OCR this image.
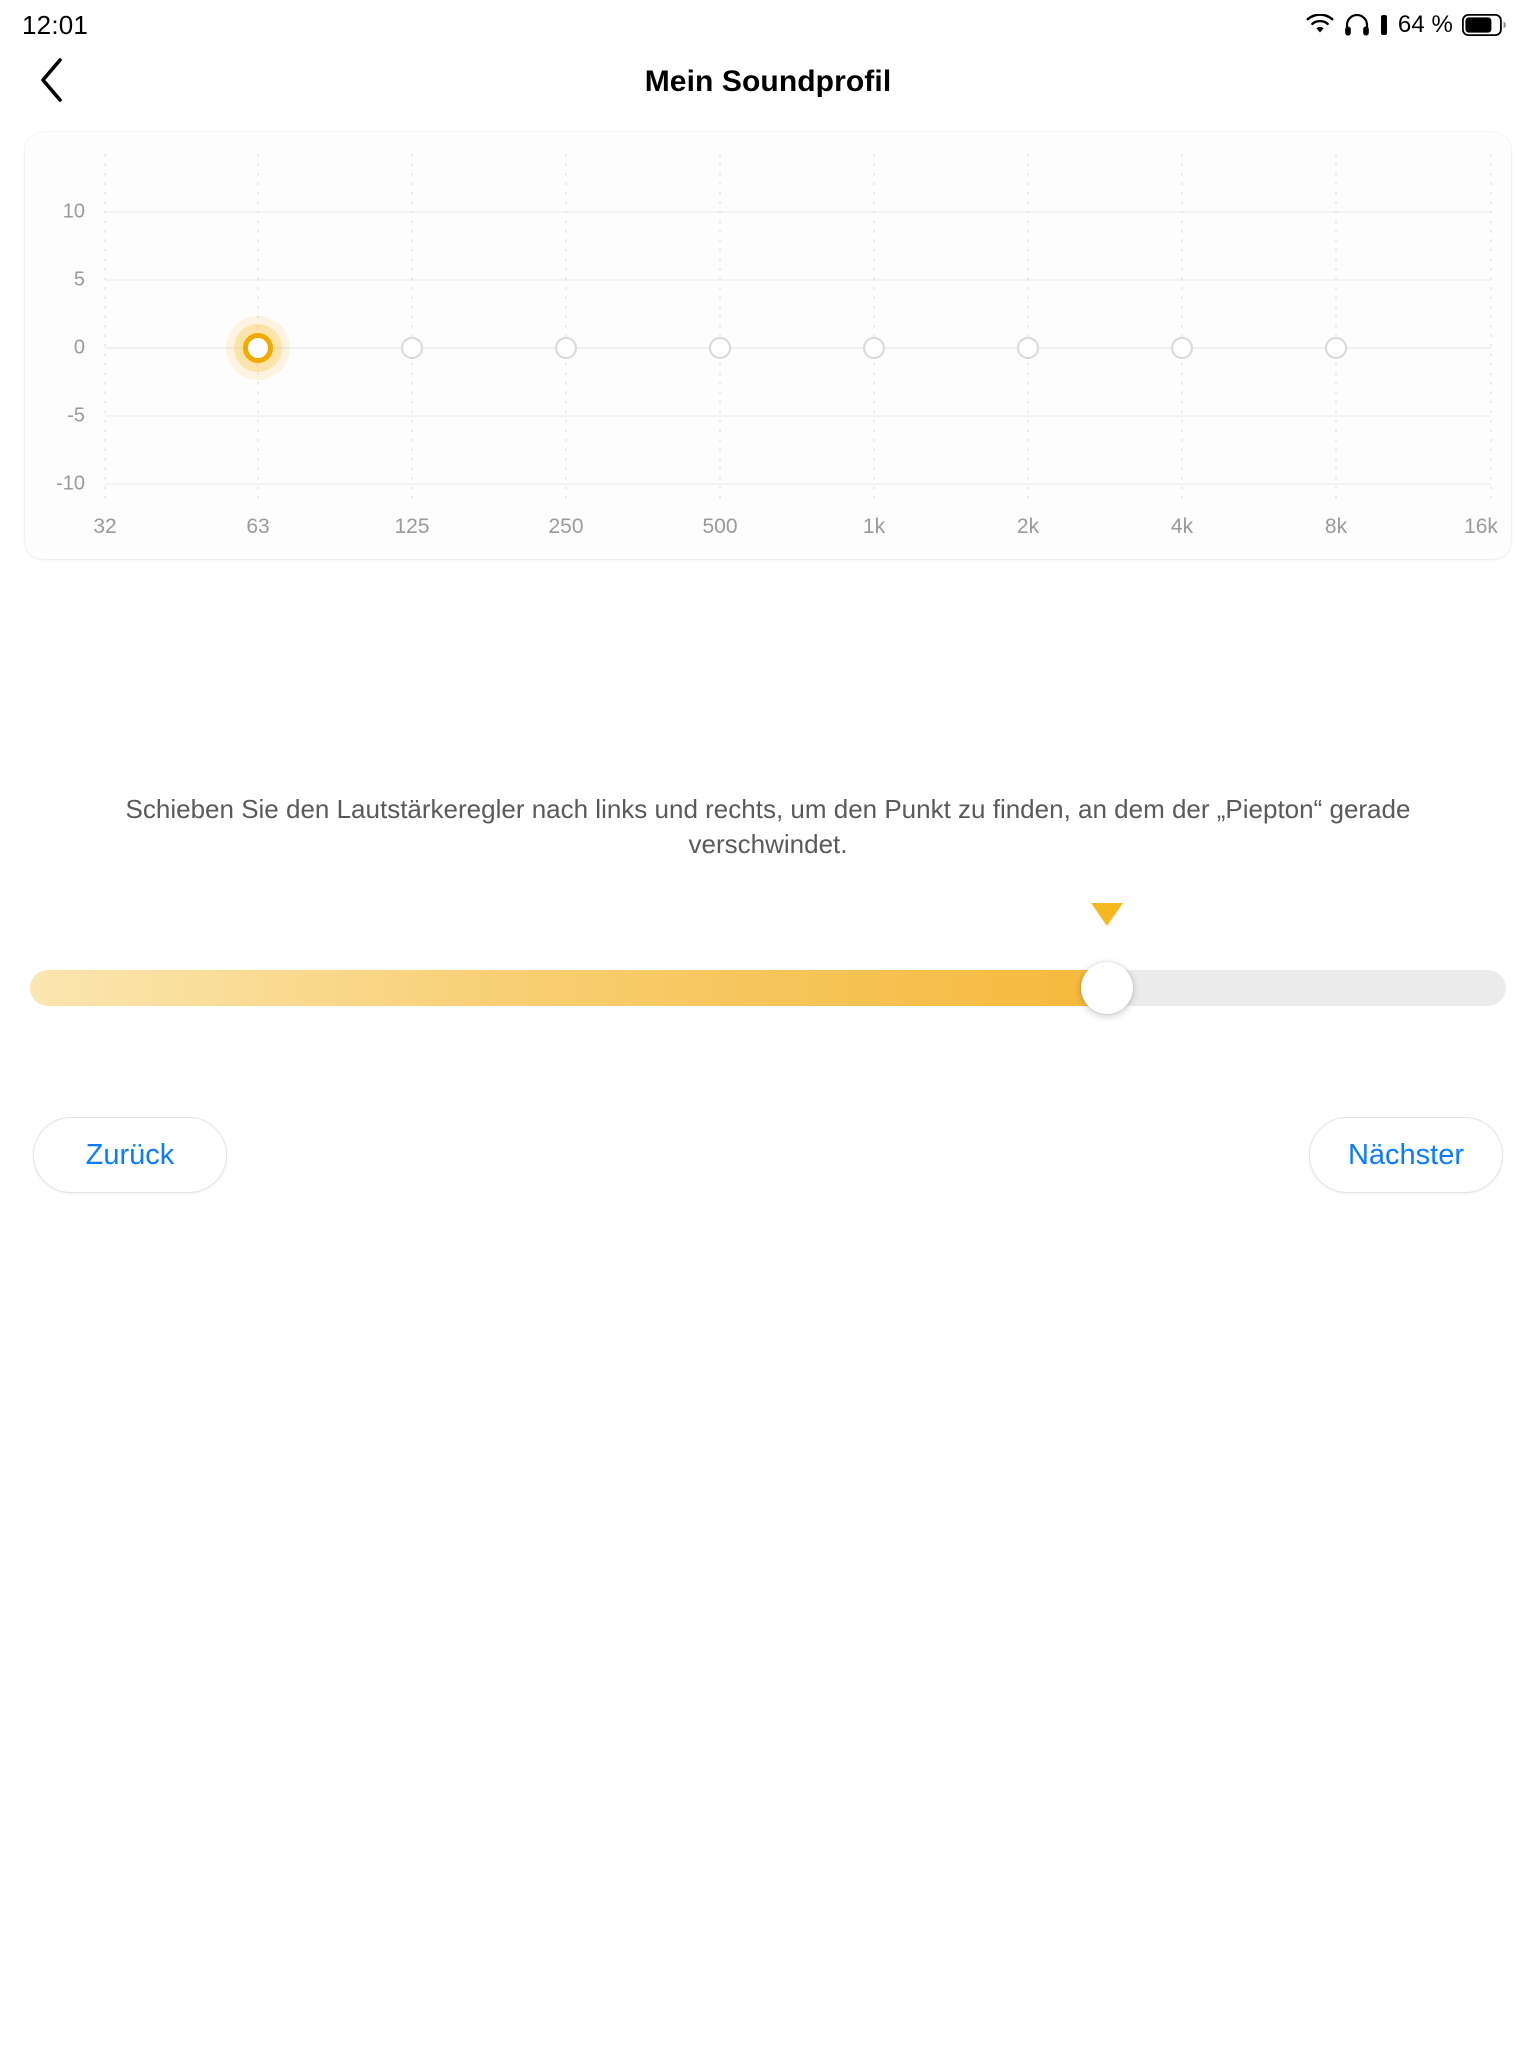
12:01	64 %
Mein Soundprofil
10
5
0
-5
-10
32	63	125	250	500	1k	2k	4k	8k	16k
Schieben Sie den Lautstärkeregler nach links und rechts, um den Punkt zu finden, an dem der „Piepton“ gerade verschwindet.
Zurück	Nächster
